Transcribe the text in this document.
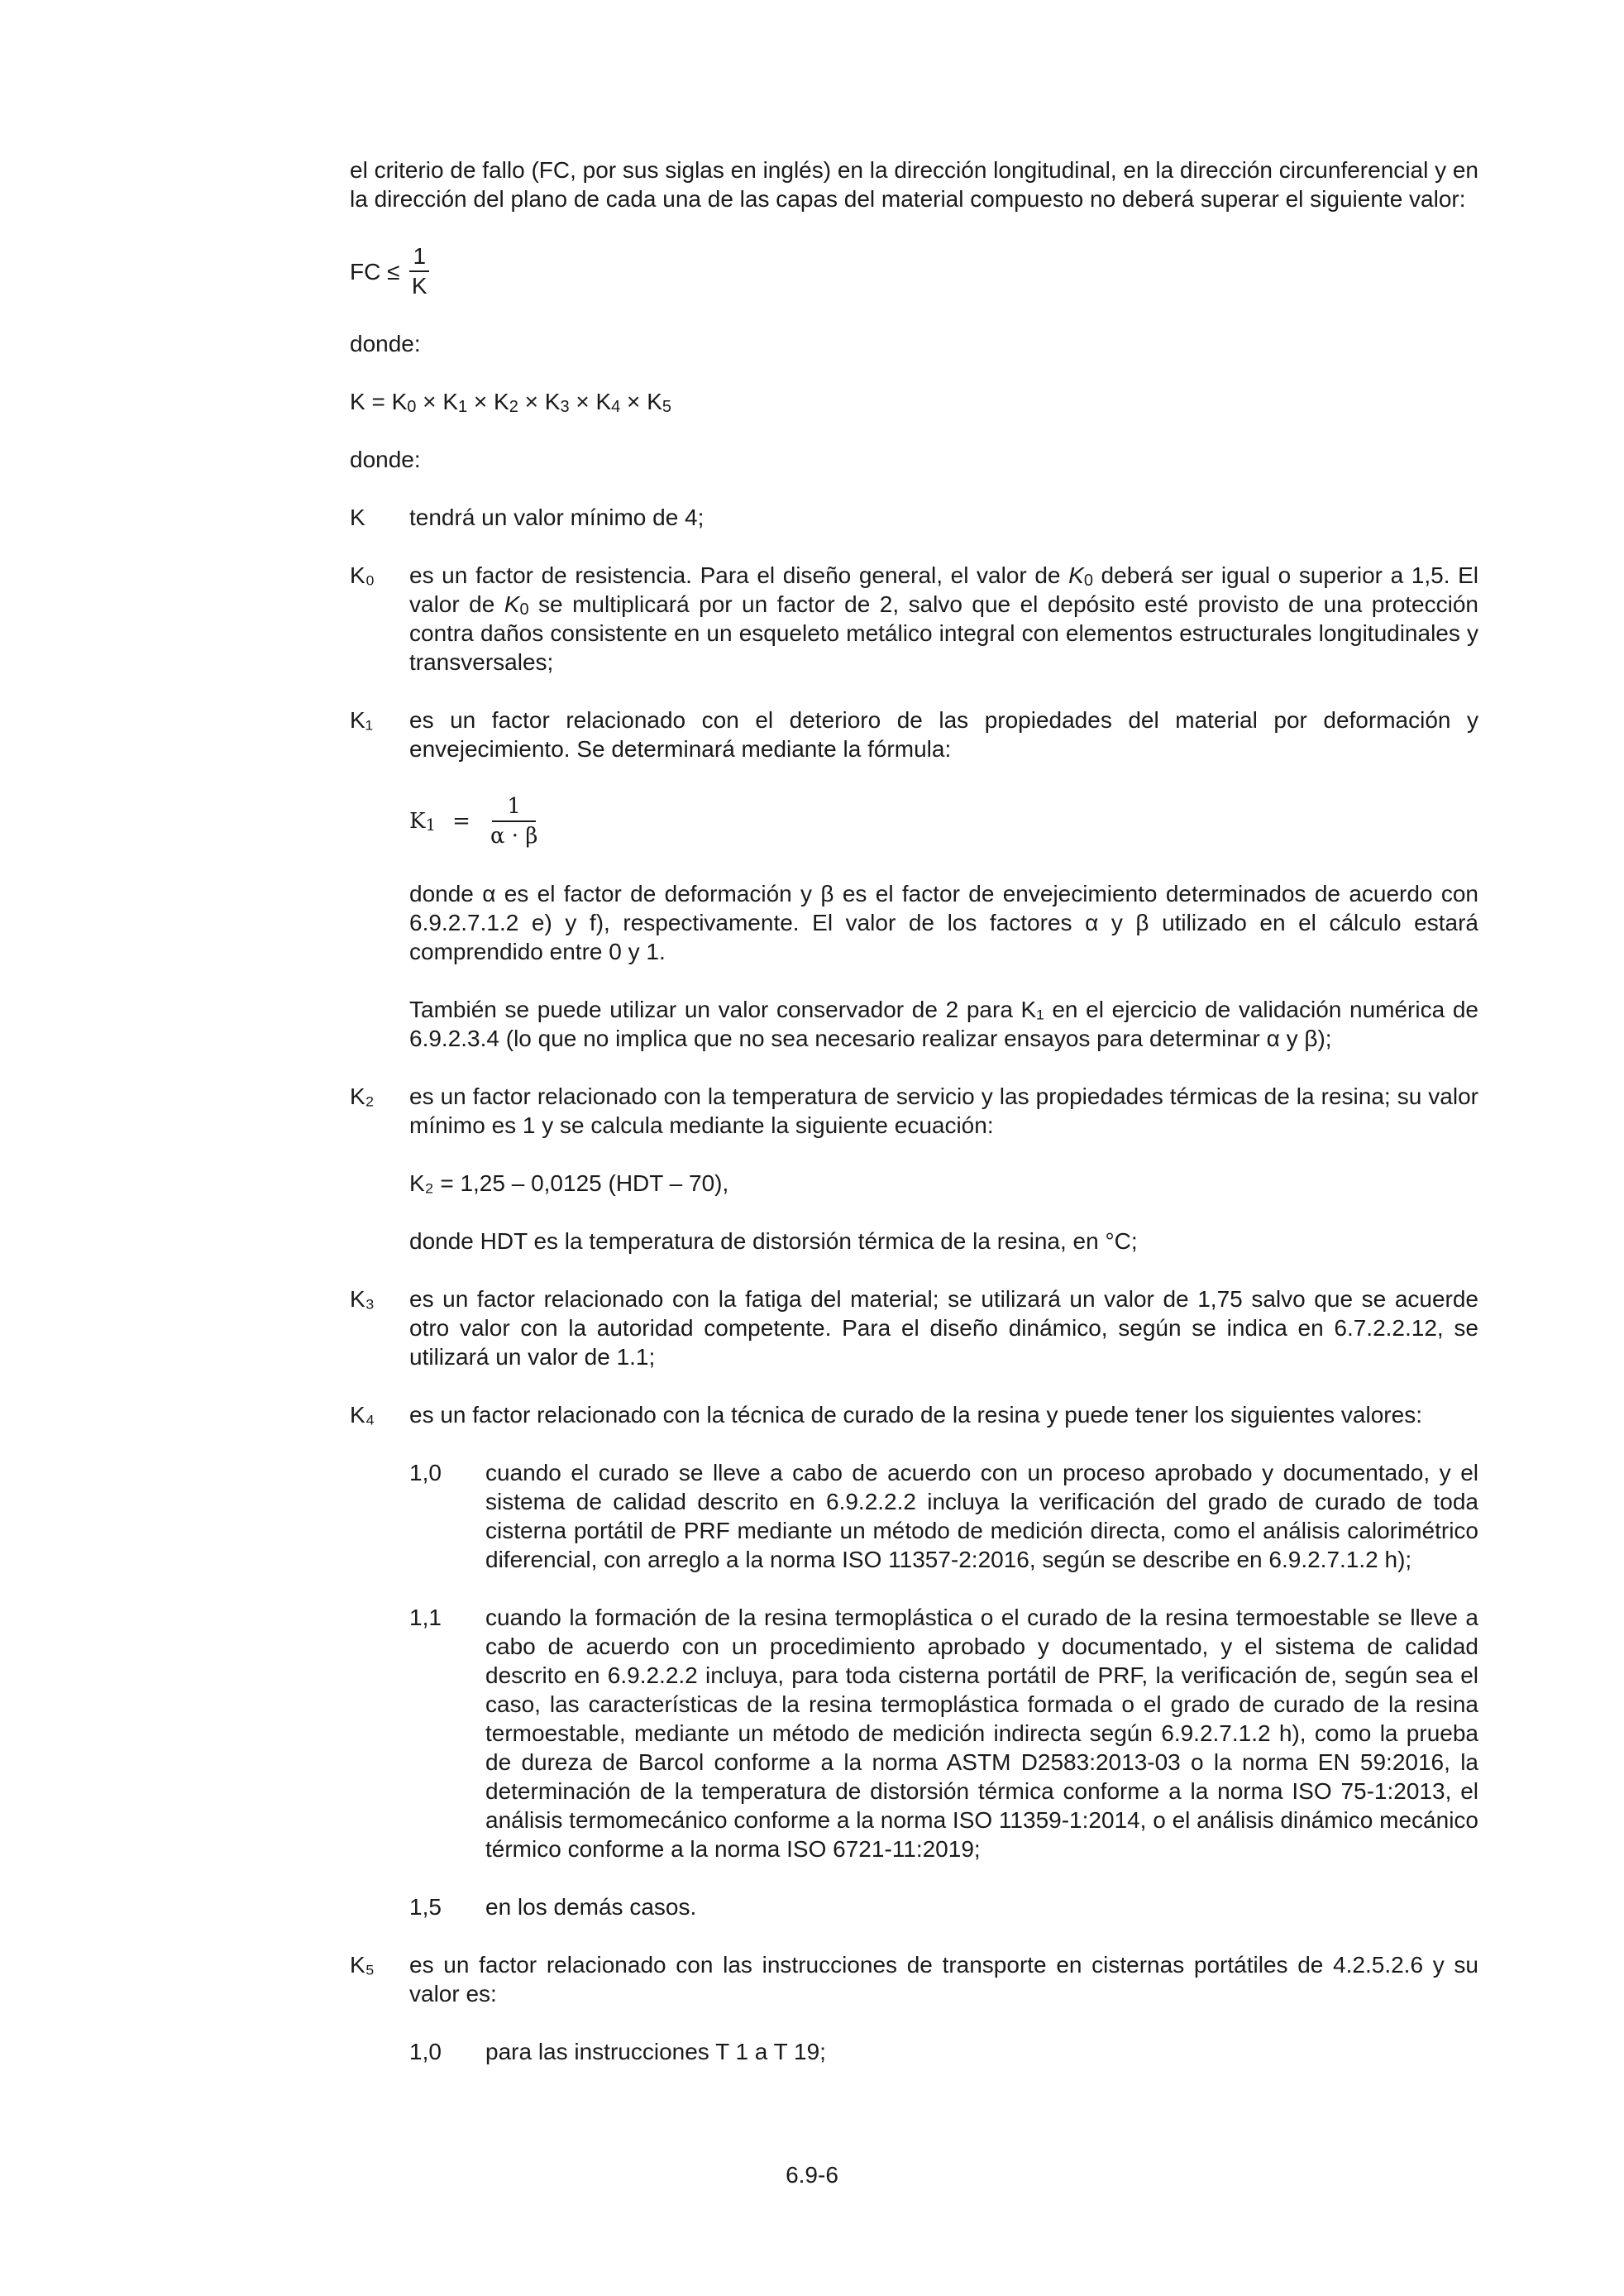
el criterio de fallo (FC, por sus siglas en inglés) en la dirección longitudinal, en la dirección circunferencial y en la dirección del plano de cada una de las capas del material compuesto no deberá superar el siguiente valor:

FC ≤ $\frac{1}{K}$

donde:

$K = K_0 \times K_1 \times K_2 \times K_3 \times K_4 \times K_5$

donde:

K	tendrá un valor mínimo de 4;

K₀	es un factor de resistencia. Para el diseño general, el valor de $K_0$ deberá ser igual o superior a 1,5. El valor de $K_0$ se multiplicará por un factor de 2, salvo que el depósito esté provisto de una protección contra daños consistente en un esqueleto metálico integral con elementos estructurales longitudinales y transversales;

K₁	es un factor relacionado con el deterioro de las propiedades del material por deformación y envejecimiento. Se determinará mediante la fórmula:

$K_1 = \frac{1}{\alpha \cdot \beta}$

donde α es el factor de deformación y β es el factor de envejecimiento determinados de acuerdo con 6.9.2.7.1.2 e) y f), respectivamente. El valor de los factores α y β utilizado en el cálculo estará comprendido entre 0 y 1.

También se puede utilizar un valor conservador de 2 para K₁ en el ejercicio de validación numérica de 6.9.2.3.4 (lo que no implica que no sea necesario realizar ensayos para determinar α y β);

K₂	es un factor relacionado con la temperatura de servicio y las propiedades térmicas de la resina; su valor mínimo es 1 y se calcula mediante la siguiente ecuación:

K₂ = 1,25 – 0,0125 (HDT – 70),

donde HDT es la temperatura de distorsión térmica de la resina, en °C;

K₃	es un factor relacionado con la fatiga del material; se utilizará un valor de 1,75 salvo que se acuerde otro valor con la autoridad competente. Para el diseño dinámico, según se indica en 6.7.2.2.12, se utilizará un valor de 1.1;

K₄	es un factor relacionado con la técnica de curado de la resina y puede tener los siguientes valores:

1,0	cuando el curado se lleve a cabo de acuerdo con un proceso aprobado y documentado, y el sistema de calidad descrito en 6.9.2.2.2 incluya la verificación del grado de curado de toda cisterna portátil de PRF mediante un método de medición directa, como el análisis calorimétrico diferencial, con arreglo a la norma ISO 11357-2:2016, según se describe en 6.9.2.7.1.2 h);

1,1	cuando la formación de la resina termoplástica o el curado de la resina termoestable se lleve a cabo de acuerdo con un procedimiento aprobado y documentado, y el sistema de calidad descrito en 6.9.2.2.2 incluya, para toda cisterna portátil de PRF, la verificación de, según sea el caso, las características de la resina termoplástica formada o el grado de curado de la resina termoestable, mediante un método de medición indirecta según 6.9.2.7.1.2 h), como la prueba de dureza de Barcol conforme a la norma ASTM D2583:2013-03 o la norma EN 59:2016, la determinación de la temperatura de distorsión térmica conforme a la norma ISO 75-1:2013, el análisis termomecánico conforme a la norma ISO 11359-1:2014, o el análisis dinámico mecánico térmico conforme a la norma ISO 6721-11:2019;

1,5	en los demás casos.

K₅	es un factor relacionado con las instrucciones de transporte en cisternas portátiles de 4.2.5.2.6 y su valor es:

1,0	para las instrucciones T 1 a T 19;

6.9-6
